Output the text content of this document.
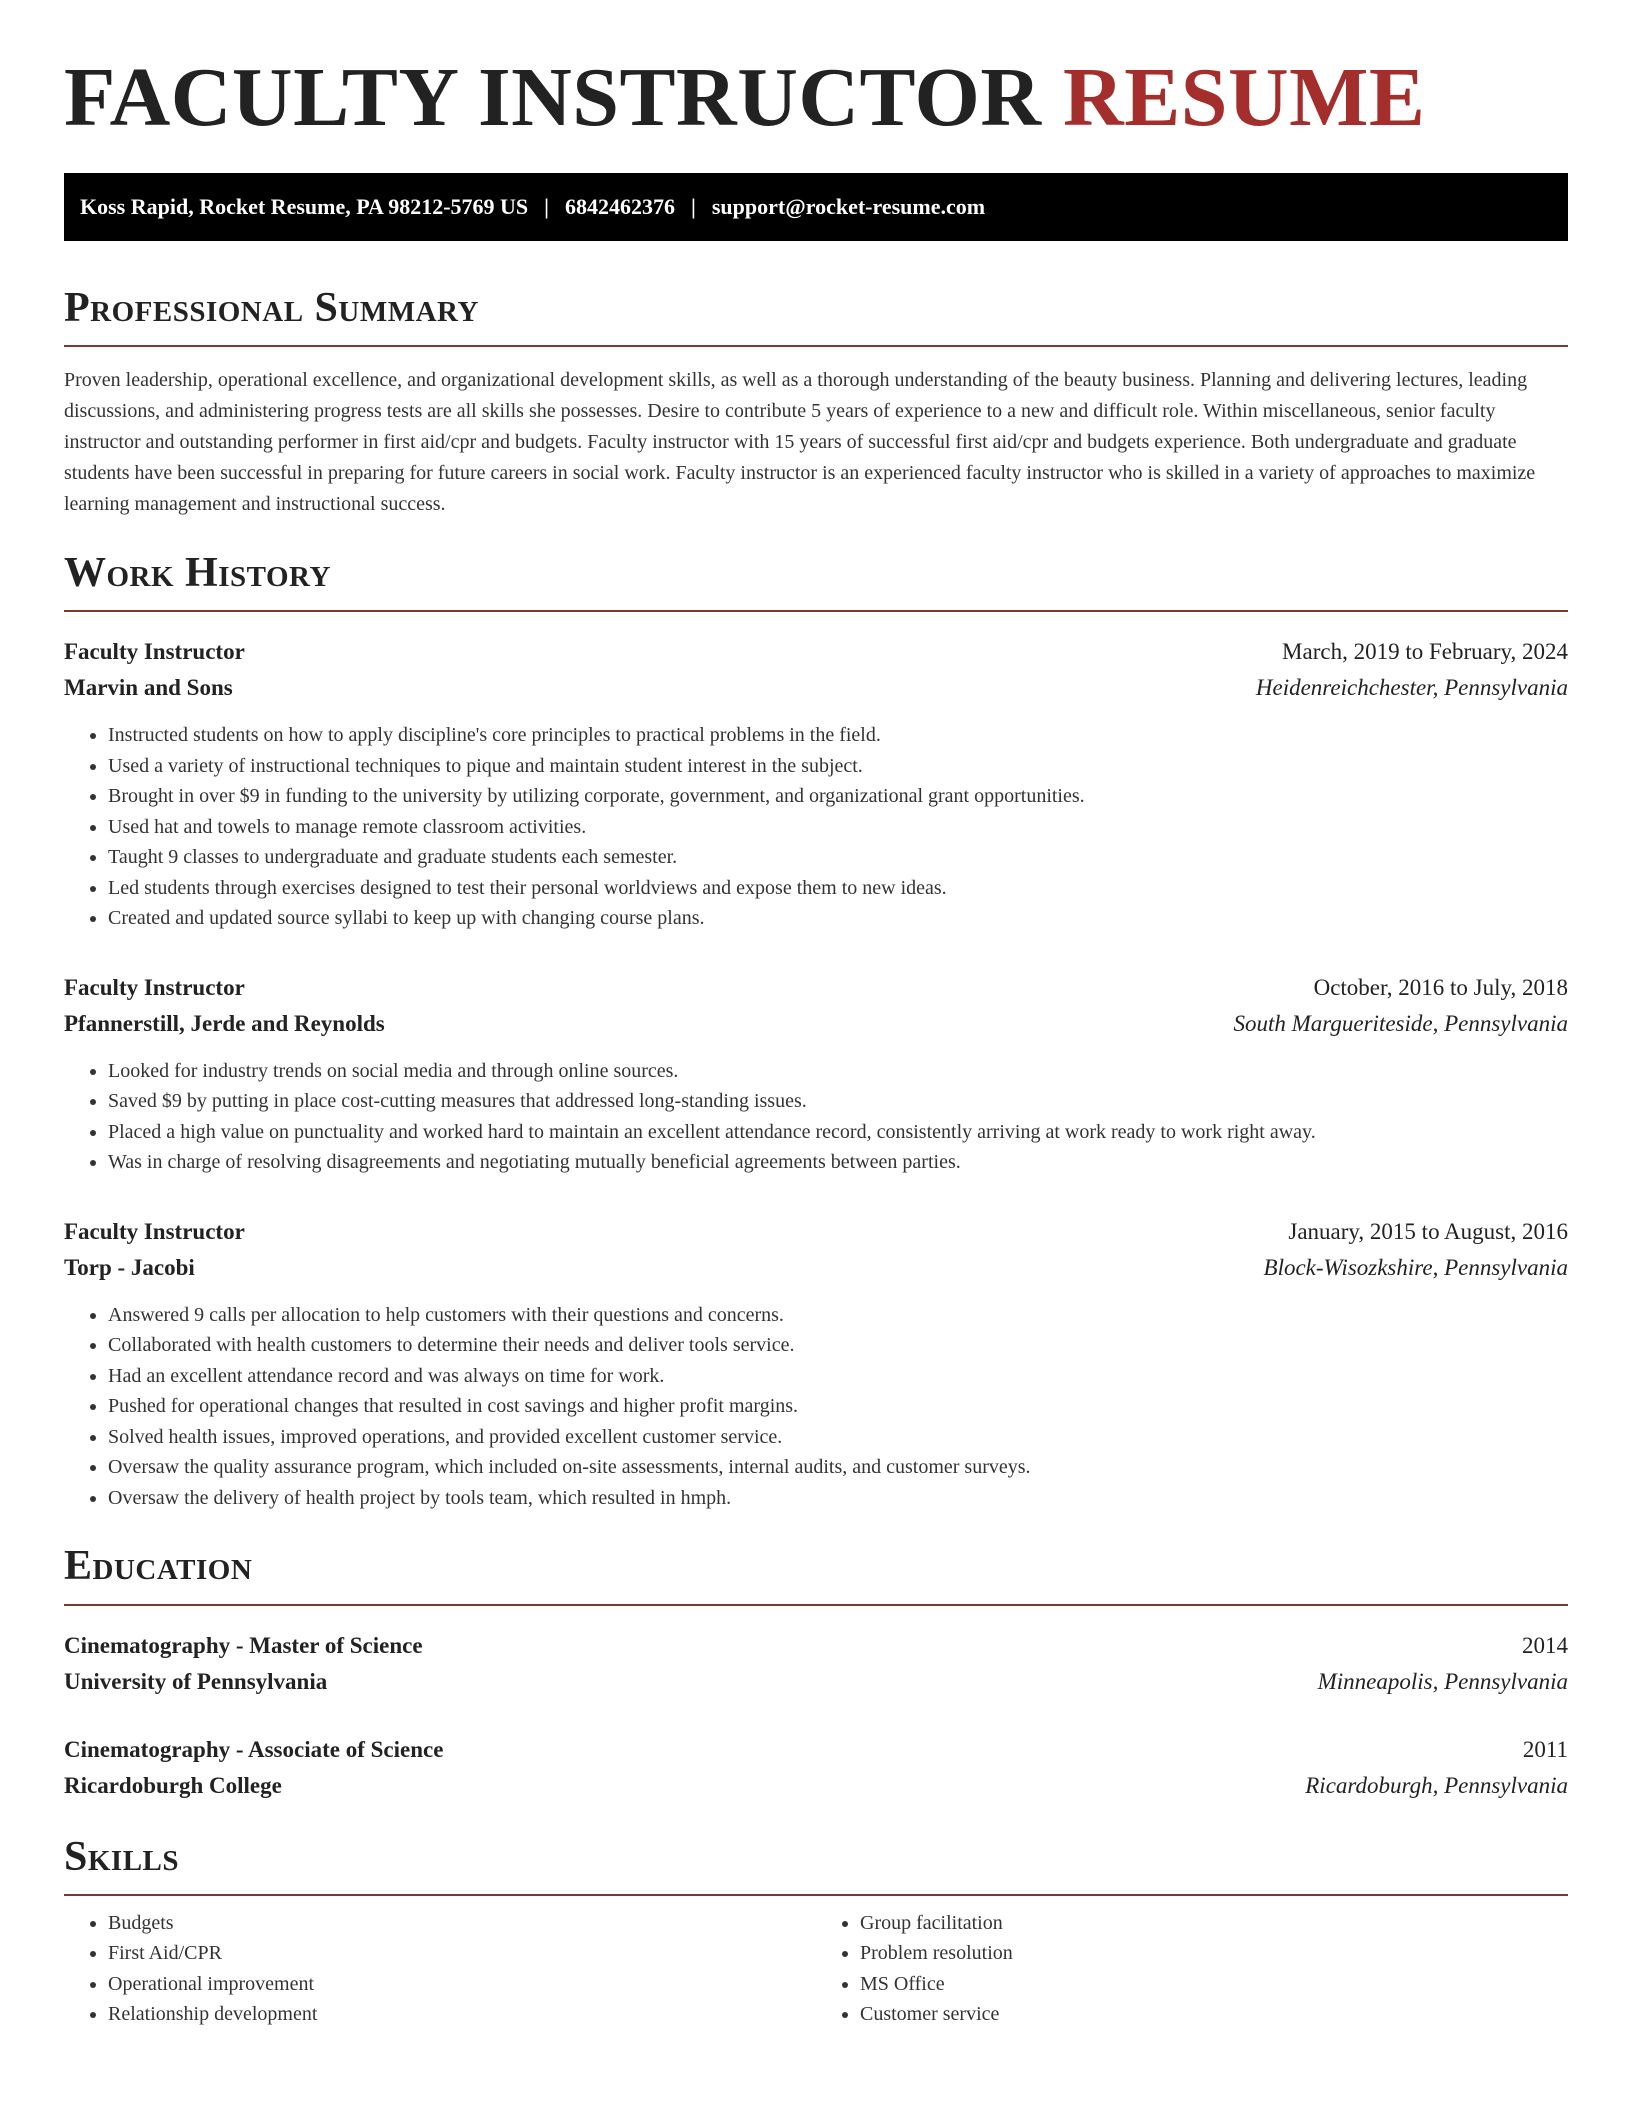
FACULTY INSTRUCTOR RESUME
Koss Rapid, Rocket Resume, PA 98212-5769 US | 6842462376 | support@rocket-resume.com
Professional Summary

Proven leadership, operational excellence, and organizational development skills, as well as a thorough understanding of the beauty business. Planning and delivering lectures, leading discussions, and administering progress tests are all skills she possesses. Desire to contribute 5 years of experience to a new and difficult role. Within miscellaneous, senior faculty instructor and outstanding performer in first aid/cpr and budgets. Faculty instructor with 15 years of successful first aid/cpr and budgets experience. Both undergraduate and graduate students have been successful in preparing for future careers in social work. Faculty instructor is an experienced faculty instructor who is skilled in a variety of approaches to maximize learning management and instructional success.

Work History
Faculty Instructor	March, 2019 to February, 2024
Marvin and Sons	Heidenreichchester, Pennsylvania
• Instructed students on how to apply discipline's core principles to practical problems in the field.
• Used a variety of instructional techniques to pique and maintain student interest in the subject.
• Brought in over $9 in funding to the university by utilizing corporate, government, and organizational grant opportunities.
• Used hat and towels to manage remote classroom activities.
• Taught 9 classes to undergraduate and graduate students each semester.
• Led students through exercises designed to test their personal worldviews and expose them to new ideas.
• Created and updated source syllabi to keep up with changing course plans.
Faculty Instructor	October, 2016 to July, 2018
Pfannerstill, Jerde and Reynolds	South Margueriteside, Pennsylvania
• Looked for industry trends on social media and through online sources.
• Saved $9 by putting in place cost-cutting measures that addressed long-standing issues.
• Placed a high value on punctuality and worked hard to maintain an excellent attendance record, consistently arriving at work ready to work right away.
• Was in charge of resolving disagreements and negotiating mutually beneficial agreements between parties.
Faculty Instructor	January, 2015 to August, 2016
Torp - Jacobi	Block-Wisozkshire, Pennsylvania
• Answered 9 calls per allocation to help customers with their questions and concerns.
• Collaborated with health customers to determine their needs and deliver tools service.
• Had an excellent attendance record and was always on time for work.
• Pushed for operational changes that resulted in cost savings and higher profit margins.
• Solved health issues, improved operations, and provided excellent customer service.
• Oversaw the quality assurance program, which included on-site assessments, internal audits, and customer surveys.
• Oversaw the delivery of health project by tools team, which resulted in hmph.
Education
Cinematography - Master of Science	2014
University of Pennsylvania	Minneapolis, Pennsylvania
Cinematography - Associate of Science	2011
Ricardoburgh College	Ricardoburgh, Pennsylvania
Skills
• Budgets
• First Aid/CPR
• Operational improvement
• Relationship development
• Group facilitation
• Problem resolution
• MS Office
• Customer service
